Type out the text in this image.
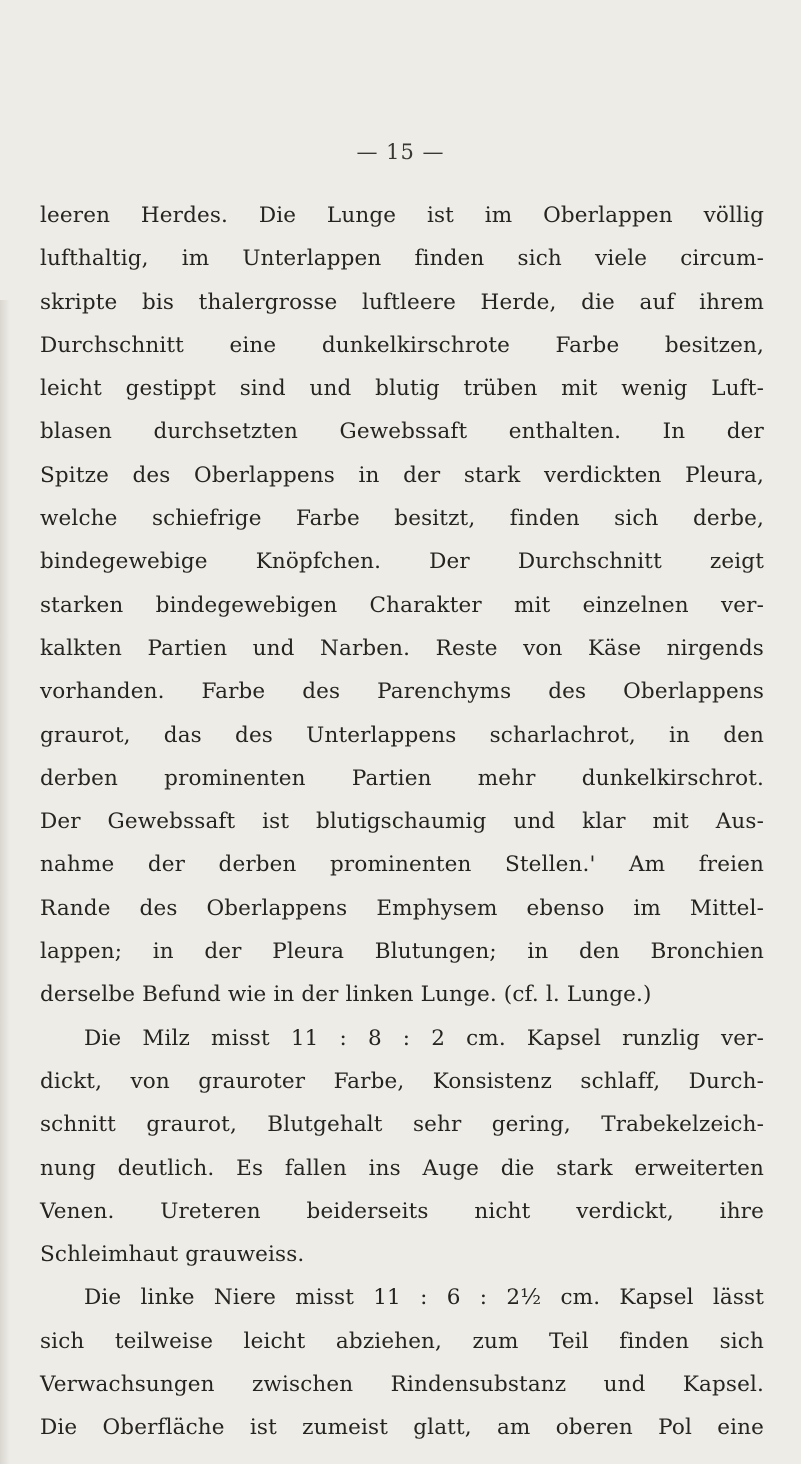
— 15 —
leeren Herdes. Die Lunge ist im Oberlappen völlig
lufthaltig, im Unterlappen finden sich viele circum-
skripte bis thalergrosse luftleere Herde, die auf ihrem
Durchschnitt eine dunkelkirschrote Farbe besitzen,
leicht gestippt sind und blutig trüben mit wenig Luft-
blasen durchsetzten Gewebssaft enthalten. In der
Spitze des Oberlappens in der stark verdickten Pleura,
welche schiefrige Farbe besitzt, finden sich derbe,
bindegewebige Knöpfchen. Der Durchschnitt zeigt
starken bindegewebigen Charakter mit einzelnen ver-
kalkten Partien und Narben. Reste von Käse nirgends
vorhanden. Farbe des Parenchyms des Oberlappens
graurot, das des Unterlappens scharlachrot, in den
derben prominenten Partien mehr dunkelkirschrot.
Der Gewebssaft ist blutigschaumig und klar mit Aus-
nahme der derben prominenten Stellen.' Am freien
Rande des Oberlappens Emphysem ebenso im Mittel-
lappen; in der Pleura Blutungen; in den Bronchien
derselbe Befund wie in der linken Lunge. (cf. l. Lunge.)
Die Milz misst 11 : 8 : 2 cm. Kapsel runzlig ver-
dickt, von grauroter Farbe, Konsistenz schlaff, Durch-
schnitt graurot, Blutgehalt sehr gering, Trabekelzeich-
nung deutlich. Es fallen ins Auge die stark erweiterten
Venen. Ureteren beiderseits nicht verdickt, ihre
Schleimhaut grauweiss.
Die linke Niere misst 11 : 6 : 2½ cm. Kapsel lässt
sich teilweise leicht abziehen, zum Teil finden sich
Verwachsungen zwischen Rindensubstanz und Kapsel.
Die Oberfläche ist zumeist glatt, am oberen Pol eine
